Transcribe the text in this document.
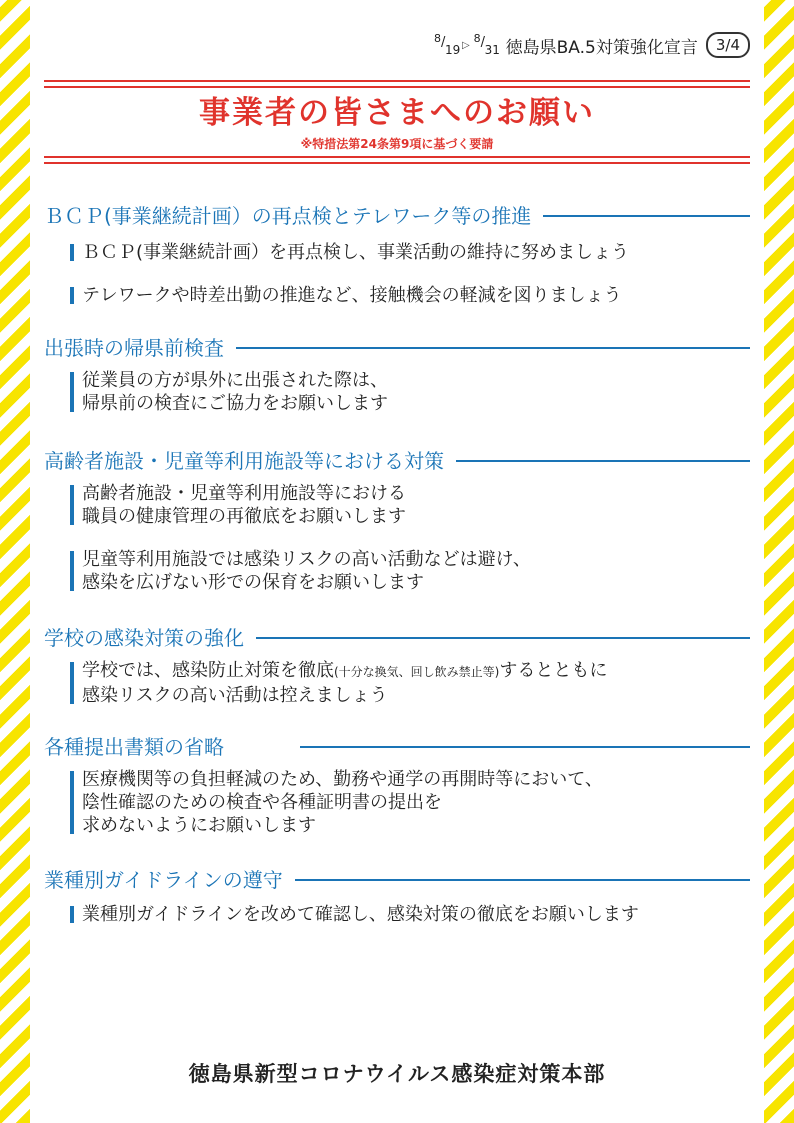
8 / 19 ▷ 8 / 31 徳島県BA.5対策強化宣言	3/4
事業者の皆さまへのお願い
※特措法第24条第9項に基づく要請
ＢＣＰ(事業継続計画）の再点検とテレワーク等の推進
ＢＣＰ(事業継続計画）を再点検し、事業活動の維持に努めましょう
テレワークや時差出勤の推進など、接触機会の軽減を図りましょう
出張時の帰県前検査
従業員の方が県外に出張された際は、
帰県前の検査にご協力をお願いします
高齢者施設・児童等利用施設等における対策
高齢者施設・児童等利用施設等における
職員の健康管理の再徹底をお願いします
児童等利用施設では感染リスクの高い活動などは避け、
感染を広げない形での保育をお願いします
学校の感染対策の強化
学校では、感染防止対策を徹底(十分な換気、回し飲み禁止等)するとともに
感染リスクの高い活動は控えましょう
各種提出書類の省略
医療機関等の負担軽減のため、勤務や通学の再開時等において、
陰性確認のための検査や各種証明書の提出を
求めないようにお願いします
業種別ガイドラインの遵守
業種別ガイドラインを改めて確認し、感染対策の徹底をお願いします
徳島県新型コロナウイルス感染症対策本部
